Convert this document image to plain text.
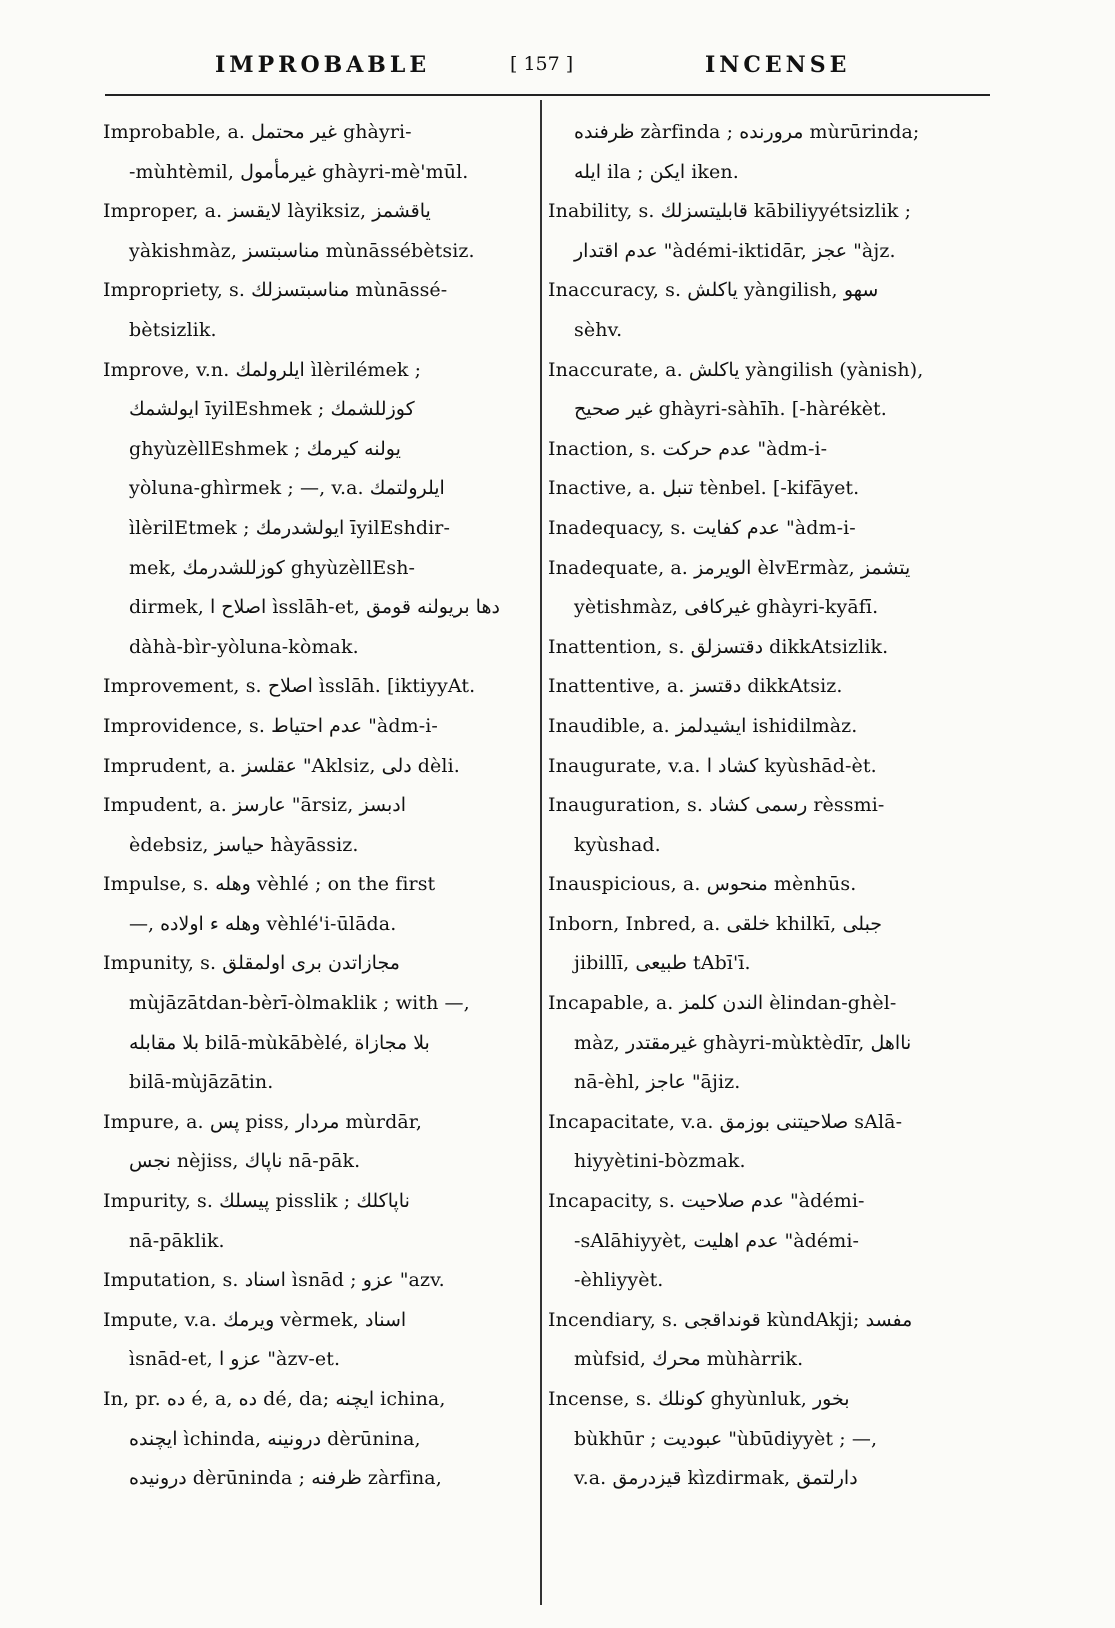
IMPROBABLE	[ 157 ]	INCENSE
Improbable, a. غير محتمل ghàyri-
-mùhtèmil, غيرمأمول ghàyri-mè'mūl.
Improper, a. لايقسز làyiksiz, ياقشمز
yàkishmàz, مناسبتسز mùnāssébètsiz.
Impropriety, s. مناسبتسزلك mùnāssé-
bètsizlik.
Improve, v.n. ايلرولمك ìlèrilémek ;
ايولشمك īyilEshmek ; كوزللشمك
ghyùzèllEshmek ; يولنه كيرمك
yòluna-ghìrmek ; —, v.a. ايلرولتمك
ìlèrilEtmek ; ايولشدرمك īyilEshdir-
mek, كوزللشدرمك ghyùzèllEsh-
dirmek, اصلاح ا ìsslāh-et, دها بريولنه قومق
dàhà-bìr-yòluna-kòmak.
Improvement, s. اصلاح ìsslāh. [iktiyyAt.
Improvidence, s. عدم احتياط "àdm-i-
Imprudent, a. عقلسز "Aklsiz, دلى dèli.
Impudent, a. عارسز "ārsiz, ادبسز
èdebsiz, حياسز hàyāssiz.
Impulse, s. وهله vèhlé ; on the first
—, وهله ء اولاده vèhlé'i-ūlāda.
Impunity, s. مجازاتدن برى اولمقلق
mùjāzātdan-bèrī-òlmaklik ; with —,
بلا مقابله bilā-mùkābèlé, بلا مجازاة
bilā-mùjāzātin.
Impure, a. پس piss, مردار mùrdār,
نجس nèjiss, ناپاك nā-pāk.
Impurity, s. پيسلك pisslik ; ناپاكلك
nā-pāklik.
Imputation, s. اسناد ìsnād ; عزو "azv.
Impute, v.a. ويرمك vèrmek, اسناد
ìsnād-et, عزو ا "àzv-et.
In, pr. ده é, a, ده dé, da; ايچنه ichina,
ايچنده ìchinda, درونينه dèrūnina,
درونيده dèrūninda ; ظرفنه zàrfina,
ظرفنده zàrfinda ; مرورنده mùrūrinda;
ايله ila ; ايكن iken.
Inability, s. قابليتسزلك kābiliyyétsizlik ;
عدم اقتدار "àdémi-iktidār, عجز "àjz.
Inaccuracy, s. ياكلش yàngilish, سهو
sèhv.
Inaccurate, a. ياكلش yàngilish (yànish),
غير صحيح ghàyri-sàhīh. [-hàrékèt.
Inaction, s. عدم حركت "àdm-i-
Inactive, a. تنبل tènbel. [-kifāyet.
Inadequacy, s. عدم كفايت "àdm-i-
Inadequate, a. الويرمز èlvErmàz, يتشمز
yètishmàz, غيركافى ghàyri-kyāfī.
Inattention, s. دقتسزلق dikkAtsizlik.
Inattentive, a. دقتسز dikkAtsiz.
Inaudible, a. ايشيدلمز ishidilmàz.
Inaugurate, v.a. كشاد ا kyùshād-èt.
Inauguration, s. رسمى كشاد rèssmi-
kyùshad.
Inauspicious, a. منحوس mènhūs.
Inborn, Inbred, a. خلقى khilkī, جبلى
jibillī, طبيعى tAbī'ī.
Incapable, a. الندن كلمز èlindan-ghèl-
màz, غيرمقتدر ghàyri-mùktèdīr, نااهل
nā-èhl, عاجز "ājiz.
Incapacitate, v.a. صلاحيتنى بوزمق sAlā-
hiyyètini-bòzmak.
Incapacity, s. عدم صلاحيت "àdémi-
-sAlāhiyyèt, عدم اهليت "àdémi-
-èhliyyèt.
Incendiary, s. قونداقجى kùndAkji; مفسد
mùfsid, محرك mùhàrrik.
Incense, s. كونلك ghyùnluk, بخور
bùkhūr ; عبوديت "ùbūdiyyèt ; —,
v.a. قيزدرمق kìzdirmak, دارلتمق
